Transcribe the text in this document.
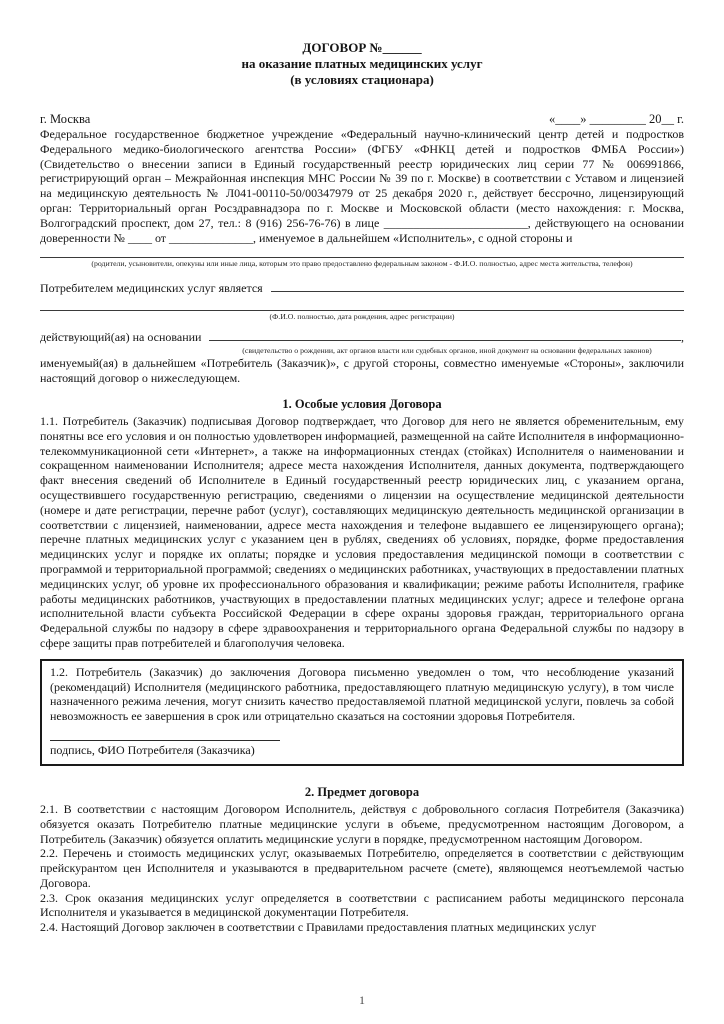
ДОГОВОР №______
на оказание платных медицинских услуг
(в условиях стационара)
г. Москва	«____» _________ 20__ г.

Федеральное государственное бюджетное учреждение «Федеральный научно-клинический центр детей и подростков Федерального медико-биологического агентства России» (ФГБУ «ФНКЦ детей и подростков ФМБА России») (Свидетельство о внесении записи в Единый государственный реестр юридических лиц серии 77 № 006991866, регистрирующий орган – Межрайонная инспекция МНС России № 39 по г. Москве) в соответствии с Уставом и лицензией на медицинскую деятельность № Л041-00110-50/00347979 от 25 декабря 2020 г., действует бессрочно, лицензирующий орган: Территориальный орган Росздравнадзора по г. Москве и Московской области (место нахождения: г. Москва, Волгоградский проспект, дом 27, тел.: 8 (916) 256-76-76) в лице ________________________, действующего на основании доверенности № ____ от ______________, именуемое в дальнейшем «Исполнитель», с одной стороны и

(родители, усыновители, опекуны или иные лица, которым это право предоставлено федеральным законом - Ф.И.О. полностью, адрес места жительства, телефон)
Потребителем медицинских услуг является
(Ф.И.О. полностью, дата рождения, адрес регистрации)
действующий(ая) на основании	,
(свидетельство о рождении, акт органов власти или судебных органов, иной документ на основании федеральных законов)

именуемый(ая) в дальнейшем «Потребитель (Заказчик)», с другой стороны, совместно именуемые «Стороны», заключили настоящий договор о нижеследующем.

1. Особые условия Договора

1.1. Потребитель (Заказчик) подписывая Договор подтверждает, что Договор для него не является обременительным, ему понятны все его условия и он полностью удовлетворен информацией, размещенной на сайте Исполнителя в информационно-телекоммуникационной сети «Интернет», а также на информационных стендах (стойках) Исполнителя о наименовании и сокращенном наименовании Исполнителя; адресе места нахождения Исполнителя, данных документа, подтверждающего факт внесения сведений об Исполнителе в Единый государственный реестр юридических лиц, с указанием органа, осуществившего государственную регистрацию, сведениями о лицензии на осуществление медицинской деятельности (номере и дате регистрации, перечне работ (услуг), составляющих медицинскую деятельность медицинской организации в соответствии с лицензией, наименовании, адресе места нахождения и телефоне выдавшего ее лицензирующего органа); перечне платных медицинских услуг с указанием цен в рублях, сведениях об условиях, порядке, форме предоставления медицинских услуг и порядке их оплаты; порядке и условия предоставления медицинской помощи в соответствии с программой и территориальной программой; сведениях о медицинских работниках, участвующих в предоставлении платных медицинских услуг, об уровне их профессионального образования и квалификации; режиме работы Исполнителя, графике работы медицинских работников, участвующих в предоставлении платных медицинских услуг; адресе и телефоне органа исполнительной власти субъекта Российской Федерации в сфере охраны здоровья граждан, территориального органа Федеральной службы по надзору в сфере здравоохранения и территориального органа Федеральной службы по надзору в сфере защиты прав потребителей и благополучия человека.

1.2. Потребитель (Заказчик) до заключения Договора письменно уведомлен о том, что несоблюдение указаний (рекомендаций) Исполнителя (медицинского работника, предоставляющего платную медицинскую услугу), в том числе назначенного режима лечения, могут снизить качество предоставляемой платной медицинской услуги, повлечь за собой невозможность ее завершения в срок или отрицательно сказаться на состоянии здоровья Потребителя.

подпись, ФИО Потребителя (Заказчика)
2. Предмет договора

2.1. В соответствии с настоящим Договором Исполнитель, действуя с добровольного согласия Потребителя (Заказчика) обязуется оказать Потребителю платные медицинские услуги в объеме, предусмотренном настоящим Договором, а Потребитель (Заказчик) обязуется оплатить медицинские услуги в порядке, предусмотренном настоящим Договором.

2.2. Перечень и стоимость медицинских услуг, оказываемых Потребителю, определяется в соответствии с действующим прейскурантом цен Исполнителя и указываются в предварительном расчете (смете), являющемся неотъемлемой частью Договора.

2.3. Срок оказания медицинских услуг определяется в соответствии с расписанием работы медицинского персонала Исполнителя и указывается в медицинской документации Потребителя.

2.4. Настоящий Договор заключен в соответствии с Правилами предоставления платных медицинских услуг

1
